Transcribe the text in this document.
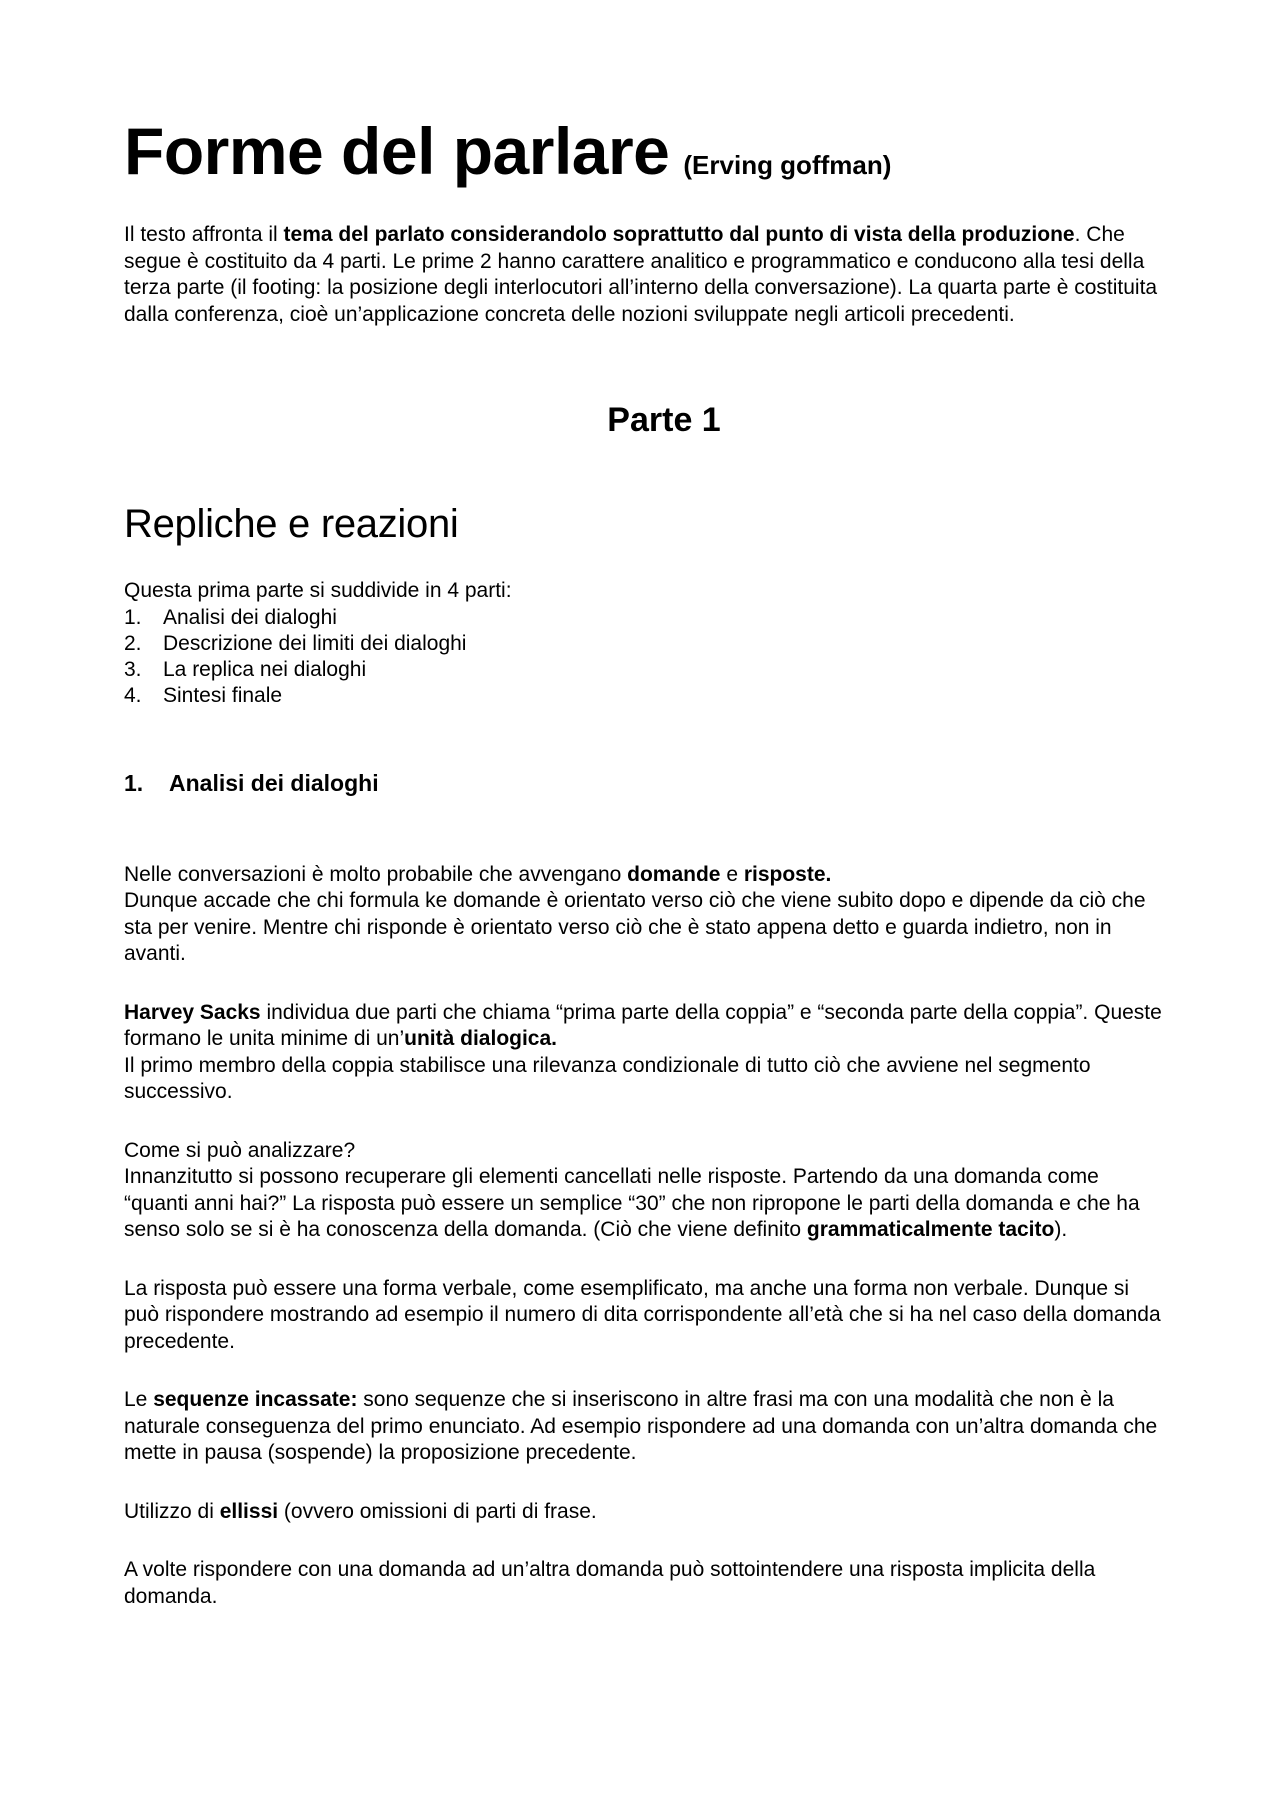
Forme del parlare (Erving goffman)

Il testo affronta il tema del parlato considerandolo soprattutto dal punto di vista della produzione. Che segue è costituito da 4 parti. Le prime 2 hanno carattere analitico e programmatico e conducono alla tesi della terza parte (il footing: la posizione degli interlocutori all’interno della conversazione). La quarta parte è costituita dalla conferenza, cioè un’applicazione concreta delle nozioni sviluppate negli articoli precedenti.

Parte 1
Repliche e reazioni

Questa prima parte si suddivide in 4 parti:

1.	Analisi dei dialoghi
2.	Descrizione dei limiti dei dialoghi
3.	La replica nei dialoghi
4.	Sintesi finale
1.	Analisi dei dialoghi

Nelle conversazioni è molto probabile che avvengano domande e risposte.
Dunque accade che chi formula ke domande è orientato verso ciò che viene subito dopo e dipende da ciò che sta per venire. Mentre chi risponde è orientato verso ciò che è stato appena detto e guarda indietro, non in avanti.

Harvey Sacks individua due parti che chiama “prima parte della coppia” e “seconda parte della coppia”. Queste formano le unita minime di un’unità dialogica.
Il primo membro della coppia stabilisce una rilevanza condizionale di tutto ciò che avviene nel segmento successivo.

Come si può analizzare?
Innanzitutto si possono recuperare gli elementi cancellati nelle risposte. Partendo da una domanda come “quanti anni hai?” La risposta può essere un semplice “30” che non ripropone le parti della domanda e che ha senso solo se si è ha conoscenza della domanda. (Ciò che viene definito grammaticalmente tacito).

La risposta può essere una forma verbale, come esemplificato, ma anche una forma non verbale. Dunque si può rispondere mostrando ad esempio il numero di dita corrispondente all’età che si ha nel caso della domanda precedente.

Le sequenze incassate: sono sequenze che si inseriscono in altre frasi ma con una modalità che non è la naturale conseguenza del primo enunciato. Ad esempio rispondere ad una domanda con un’altra domanda che mette in pausa (sospende) la proposizione precedente.

Utilizzo di ellissi (ovvero omissioni di parti di frase.

A volte rispondere con una domanda ad un’altra domanda può sottointendere una risposta implicita della domanda.
